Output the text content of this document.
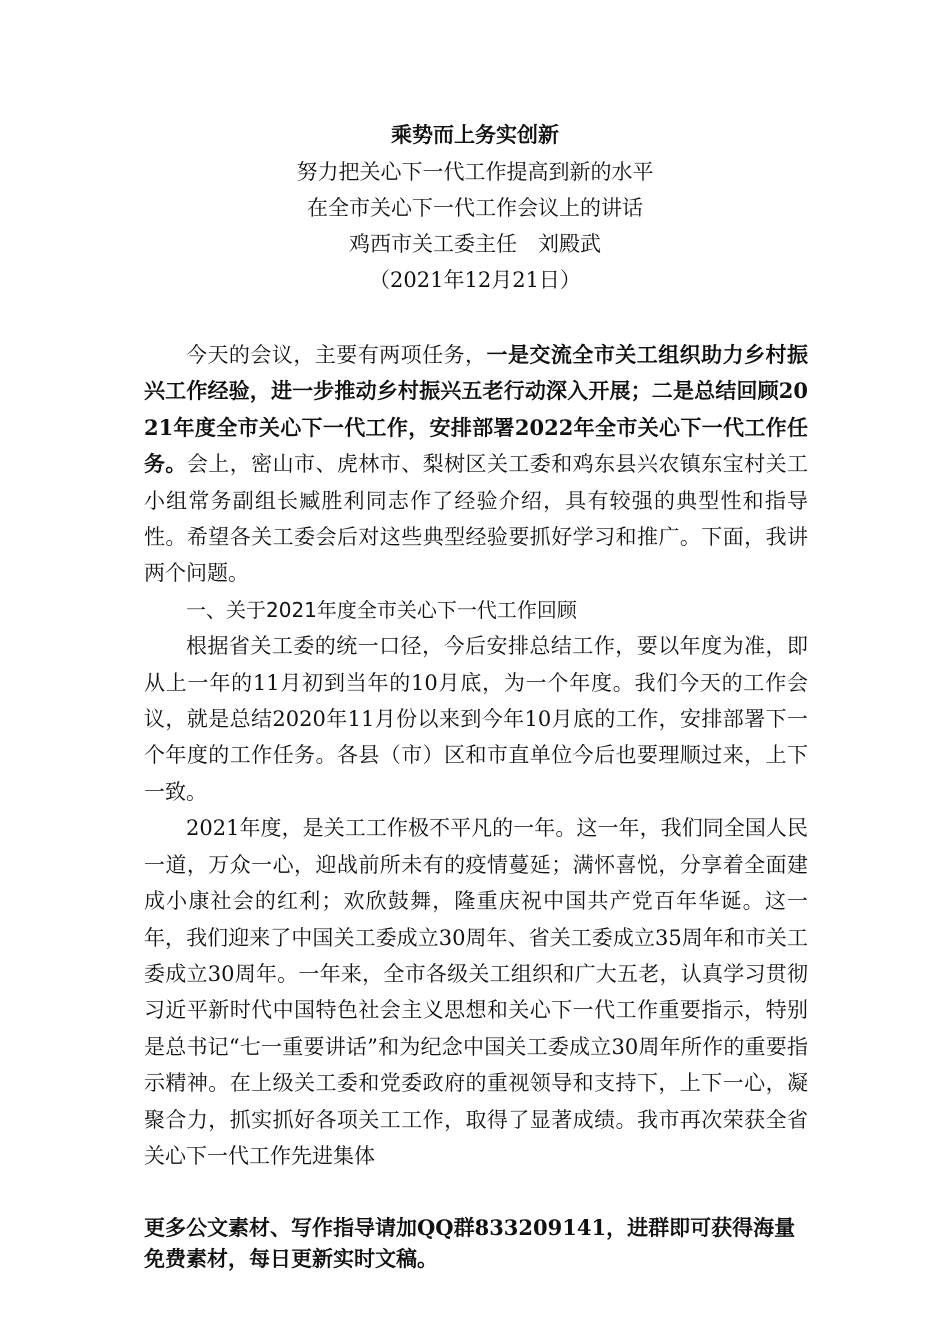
乘势而上务实创新
努力把关心下一代工作提高到新的水平
在全市关心下一代工作会议上的讲话
鸡西市关工委主任　刘殿武
（2021年12月21日）

今天的会议，主要有两项任务，一是交流全市关工组织助力乡村振兴工作经验，进一步推动乡村振兴五老行动深入开展；二是总结回顾2021年度全市关心下一代工作，安排部署2022年全市关心下一代工作任务。会上，密山市、虎林市、梨树区关工委和鸡东县兴农镇东宝村关工小组常务副组长臧胜利同志作了经验介绍，具有较强的典型性和指导性。希望各关工委会后对这些典型经验要抓好学习和推广。下面，我讲两个问题。

一、关于2021年度全市关心下一代工作回顾

根据省关工委的统一口径，今后安排总结工作，要以年度为准，即从上一年的11月初到当年的10月底，为一个年度。我们今天的工作会议，就是总结2020年11月份以来到今年10月底的工作，安排部署下一个年度的工作任务。各县（市）区和市直单位今后也要理顺过来，上下一致。

2021年度，是关工工作极不平凡的一年。这一年，我们同全国人民一道，万众一心，迎战前所未有的疫情蔓延；满怀喜悦，分享着全面建成小康社会的红利；欢欣鼓舞，隆重庆祝中国共产党百年华诞。这一年，我们迎来了中国关工委成立30周年、省关工委成立35周年和市关工委成立30周年。一年来，全市各级关工组织和广大五老，认真学习贯彻习近平新时代中国特色社会主义思想和关心下一代工作重要指示，特别是总书记“七一重要讲话”和为纪念中国关工委成立30周年所作的重要指示精神。在上级关工委和党委政府的重视领导和支持下，上下一心，凝聚合力，抓实抓好各项关工工作，取得了显著成绩。我市再次荣获全省关心下一代工作先进集体

更多公文素材、写作指导请加QQ群833209141，进群即可获得海量免费素材，每日更新实时文稿。
